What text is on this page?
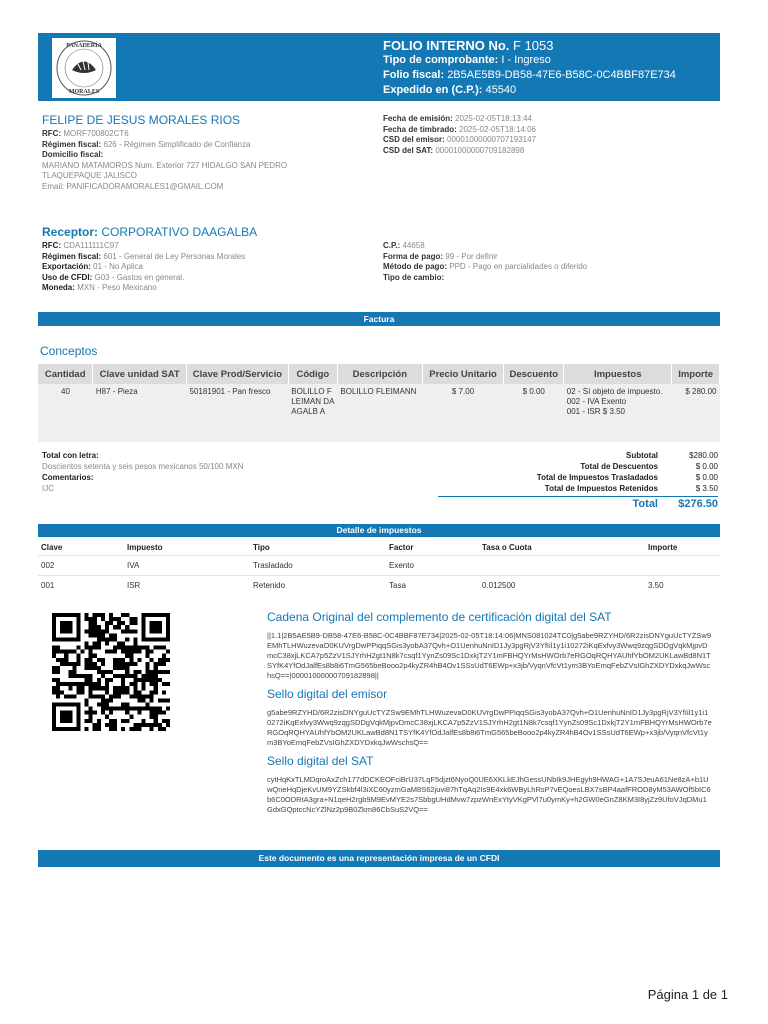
PANADERÍA
MORALES
FOLIO INTERNO No. F 1053
Tipo de comprobante: I - Ingreso
Folio fiscal: 2B5AE5B9-DB58-47E6-B58C-0C4BBF87E734
Expedido en (C.P.): 45540
FELIPE DE JESUS MORALES RIOS
RFC: MORF700802CT6
Régimen fiscal: 626 - Régimen Simplificado de Confianza
Domicilio fiscal:
MARIANO MATAMOROS Num. Exterior 727 HIDALGO SAN PEDRO
TLAQUEPAQUE JALISCO
Email: PANIFICADORAMORALES1@GMAIL.COM
Fecha de emisión: 2025-02-05T18:13:44
Fecha de timbrado: 2025-02-05T18:14:06
CSD del emisor: 00001000000707193147
CSD del SAT: 00001000000709182898
Receptor: CORPORATIVO DAAGALBA
RFC: CDA111111C97
Régimen fiscal: 601 - General de Ley Personas Morales
Exportación: 01 - No Aplica
Uso de CFDI: G03 - Gastos en general.
Moneda: MXN - Peso Mexicano
C.P.: 44658
Forma de pago: 99 - Por definir
Método de pago: PPD - Pago en parcialidades o diferido
Tipo de cambio:
Factura
Conceptos
Cantidad	Clave unidad SAT	Clave Prod/Servicio	Código	Descripción	Precio Unitario	Descuento	Impuestos	Importe
40	H87 - Pieza	50181901 - Pan fresco	BOLILLO FLEIMAN DAAGALB A	BOLILLO FLEIMANN	$ 7.00	$ 0.00	02 - Sí objeto de impuesto.
002 - IVA Exento
001 - ISR $ 3.50	$ 280.00
Total con letra:
Doscientos setenta y seis pesos mexicanos 50/100 MXN
Comentarios:
IJC
Subtotal	$280.00
Total de Descuentos	$ 0.00
Total de Impuestos Trasladados	$ 0.00
Total de Impuestos Retenidos	$ 3.50
Total	$276.50
Detalle de impuestos
Clave	Impuesto	Tipo	Factor	Tasa o Cuota	Importe
002	IVA	Trasladado	Exento		
001	ISR	Retenido	Tasa	0.012500	3.50
Cadena Original del complemento de certificación digital del SAT
||1.1|2B5AE5B9-DB58-47E6-B58C-0C4BBF87E734|2025-02-05T18:14:06|MNS081024TC0|g5abe9RZYHD/6R2zisDNYguUcTYZSw9EMhTLHWuzevaO0KUVrgDwPPiqqSGis3yobA37Qvh+O1UenhuNnID1Jy3pgRjV3YfIil1y1i10272iKqExfvy3Wwq9zqgSDDgVqkMjpvDmcC38xjLKCA7p5ZzV1SJYrhH2gt1N8k7csqf1YynZs09Sc1DxkjT2Y1mFBHQYrMsHWOrb7eRGOqRQHYAUhfYbOM2UKLawBd8N1TSYfK4YfOdJalfEs8b8i6TmG565beBooo2p4kyZR4hB4Ov1SSsUdT6EWp+x3jb/VyqnVfcVt1ym3BYoEmqFebZVsIGhZXDYDxkqJwWschsQ==|00001000000709182898||
Sello digital del emisor
g5abe9RZYHD/6R2zisDNYguUcTYZSw9EMhTLHWuzevaO0KUVrgDwPPiqqSGis3yobA37Qvh+O1UenhuNnID1Jy3pgRjV3YfIil1y1i10272iKqExfvy3Wwq9zqgSDDgVqkMjpvDmcC38xjLKCA7p5ZzV1SJYrhH2gt1N8k7csqf1YynZs09Sc1DxkjT2Y1mFBHQYrMsHWOrb7eRGOqRQHYAUhfYbOM2UKLawBd8N1TSYfK4YfOdJalfEs8b8i6TmG565beBooo2p4kyZR4hB4Ov1SSsUdT6EWp+x3jb/VyqnVfcVt1ym3BYoEmqFebZVsIGhZXDYDxkqJwWschsQ==
Sello digital del SAT
cytHqKxTLMDqroAxZch177dDCKEOFciBrU37LqF5djzt6NyoQ0UE6XKLkEJhGessUNbIk9JHEgyh9HWAG+1A7SJeuA61Ne8zA+b1UwQneHqDjeKvUM9YZSkbf4l3iXC60yzmGaM8S62juvi87hTqAq2Is9E4xk6WByLhRsP7vEQoesLBX7sBP4aafFROD8yM53AWOf5bIC6b6C0ODRtA3gra+N1qeH2rgb9M9EvMYE2s7SbbgUHdMvw7zpzWnExYtyVKgPVl7u0ymKy+h2GW0eGnZ8KM3I8yjZz9UfoVJqDMu1GdxGQptccNcYZlNz2p9B0Zkm86CbSuS2VQ==
Este documento es una representación impresa de un CFDI
Página 1 de 1
